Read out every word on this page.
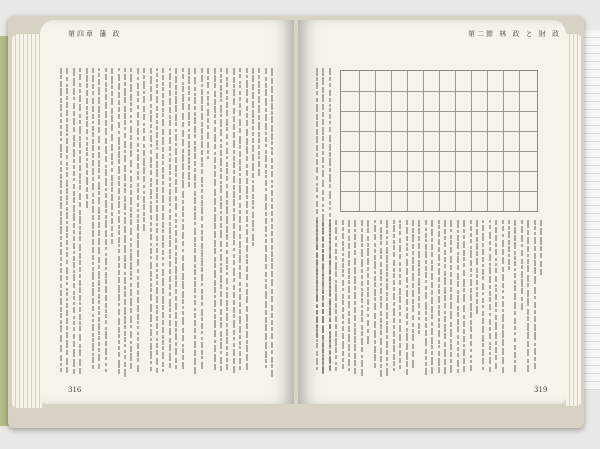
第四章 藩 政
316
第二節 林 政 と 財 政
319
